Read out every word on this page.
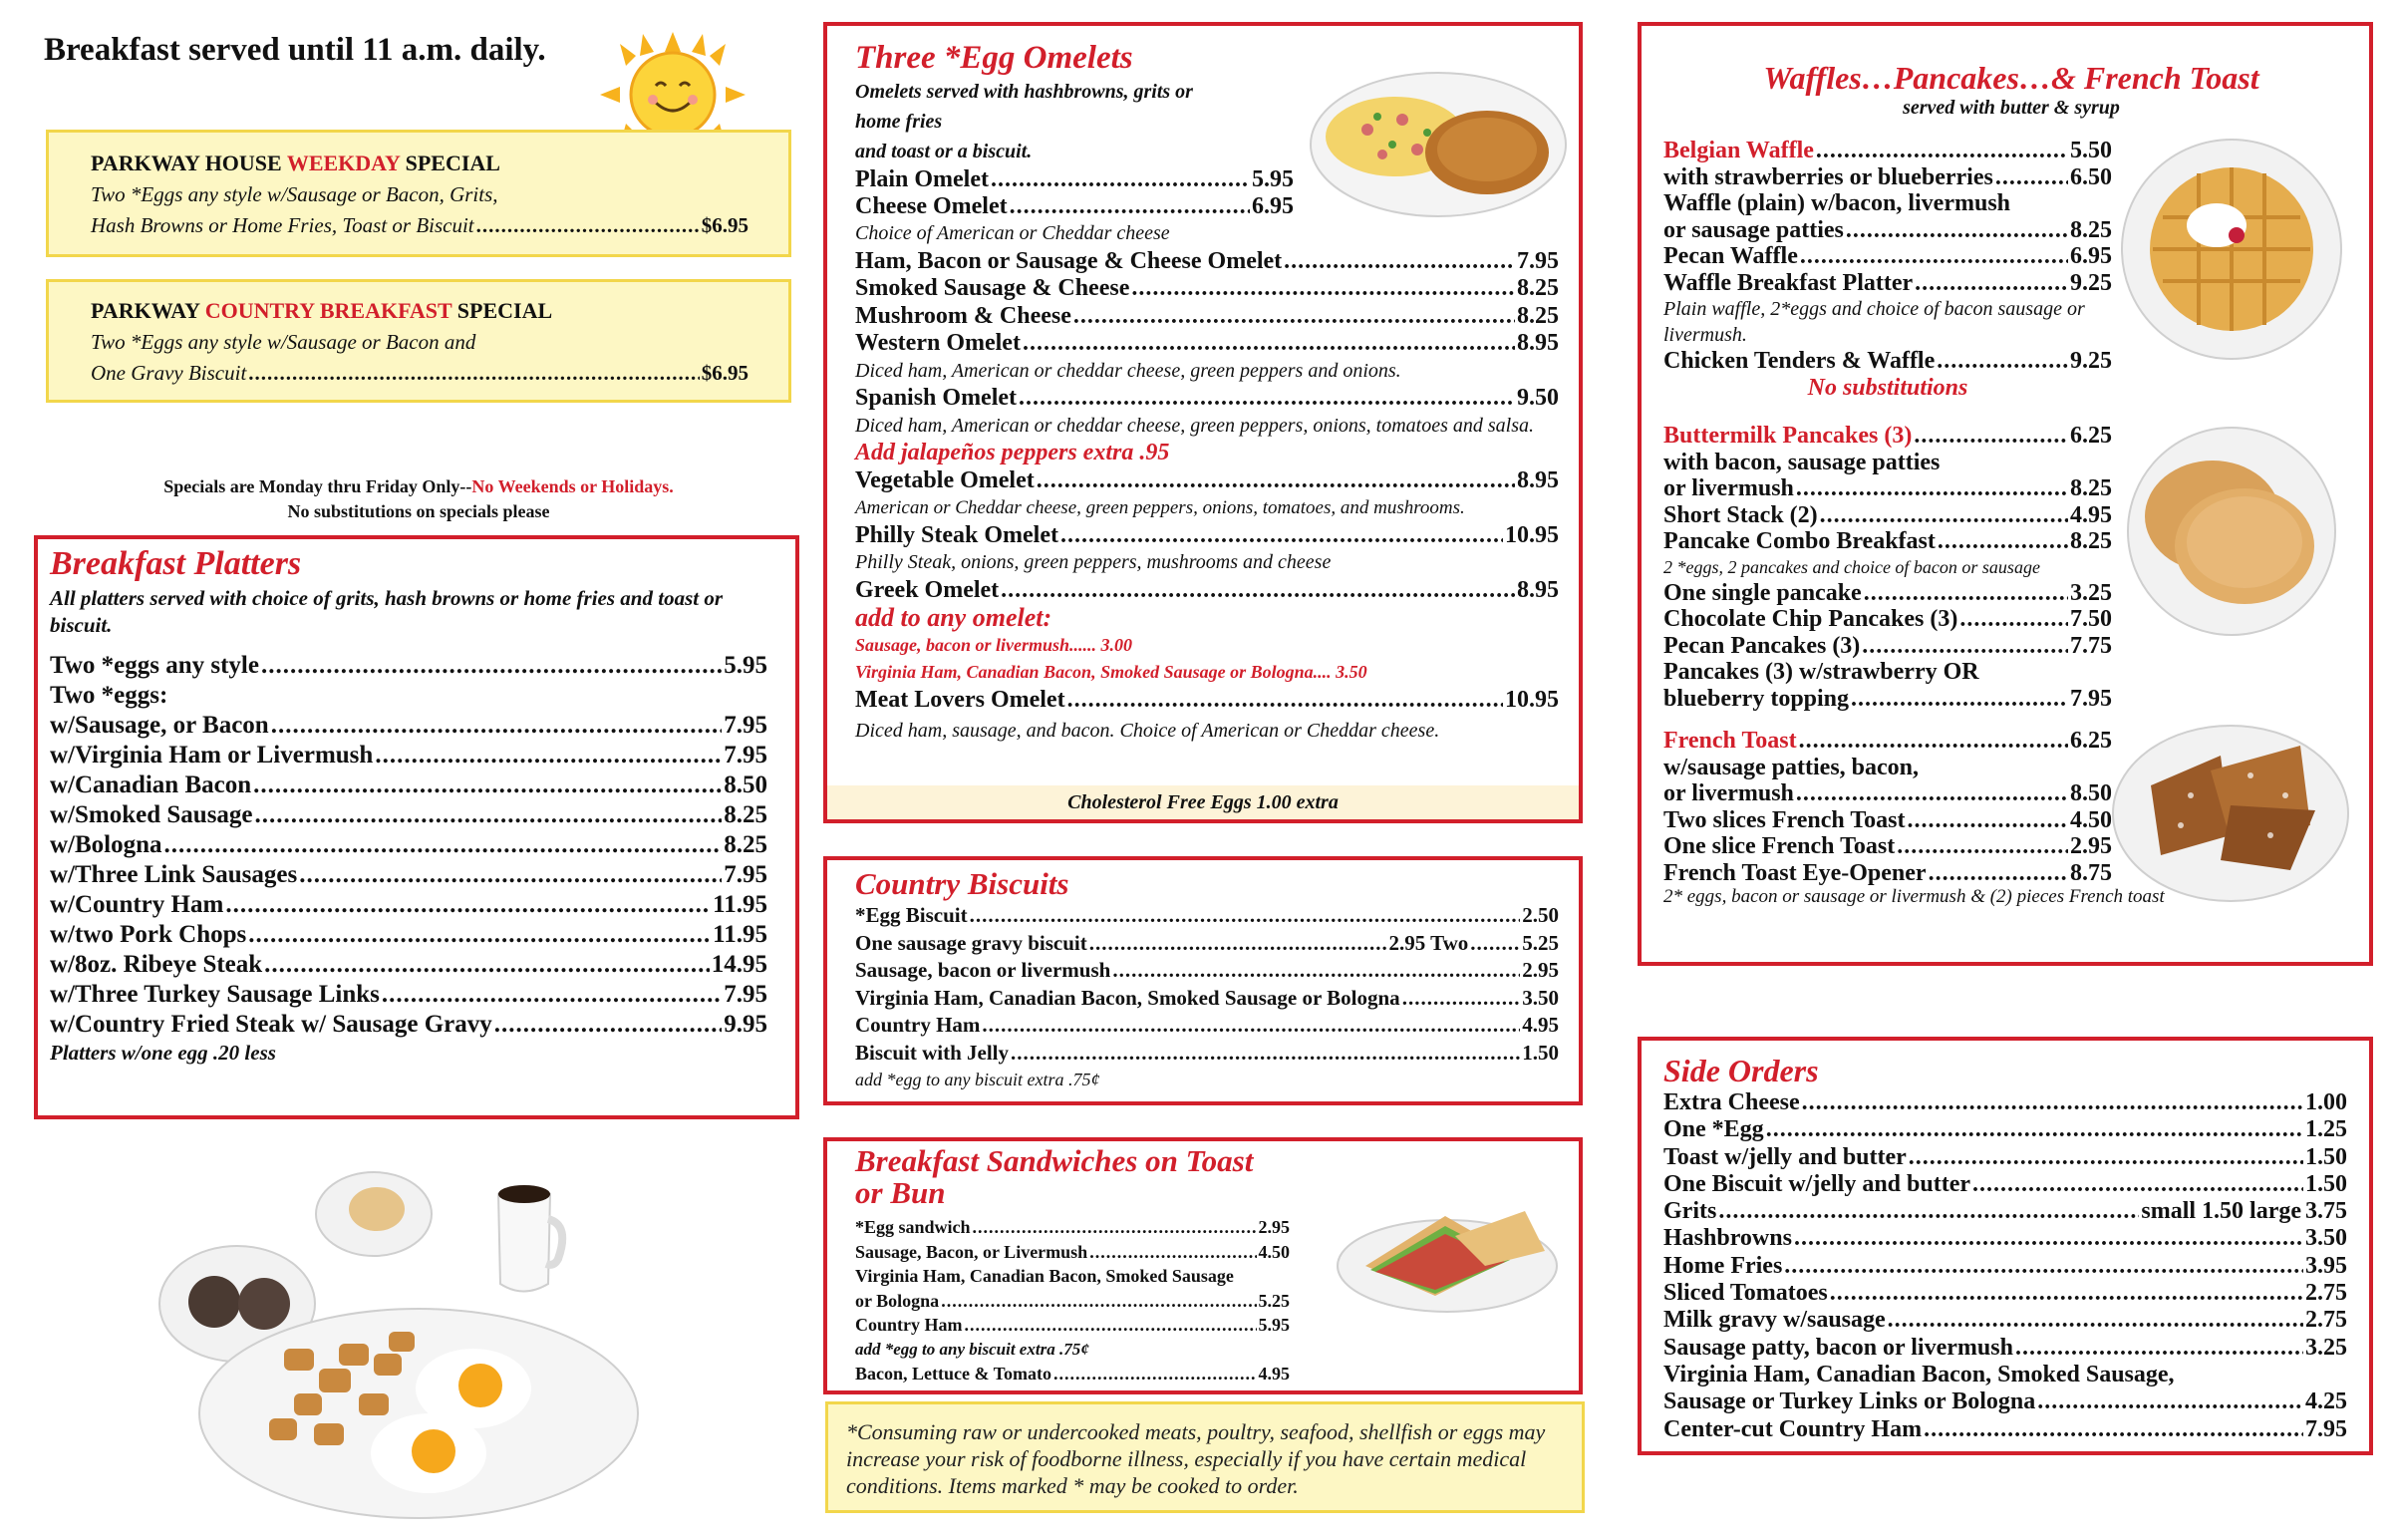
Breakfast served until 11 a.m. daily.
PARKWAY HOUSE WEEKDAY SPECIAL
Two *Eggs any style w/Sausage or Bacon, Grits,
Hash Browns or Home Fries, Toast or Biscuit .....	$6.95
PARKWAY COUNTRY BREAKFAST SPECIAL
Two *Eggs any style w/Sausage or Bacon and
One Gravy Biscuit .....	$6.95
Specials are Monday thru Friday Only--No Weekends or Holidays.
No substitutions on specials please
Breakfast Platters
All platters served with choice of grits, hash browns or home fries and toast or biscuit.
Two *eggs any style .....	5.95
Two *eggs:
w/Sausage, or Bacon .....	7.95
w/Virginia Ham or Livermush .....	7.95
w/Canadian Bacon .....	8.50
w/Smoked Sausage .....	8.25
w/Bologna .....	8.25
w/Three Link Sausages .....	7.95
w/Country Ham .....	11.95
w/two Pork Chops .....	11.95
w/8oz. Ribeye Steak .....	14.95
w/Three Turkey Sausage Links .....	7.95
w/Country Fried Steak w/ Sausage Gravy .....	9.95
Platters w/one egg .20 less
Three *Egg Omelets
Omelets served with hashbrowns, grits or
home fries
and toast or a biscuit.
Plain Omelet .....	5.95
Cheese Omelet .....	6.95
Choice of American or Cheddar cheese
Ham, Bacon or Sausage & Cheese Omelet .....	7.95
Smoked Sausage & Cheese .....	8.25
Mushroom & Cheese .....	8.25
Western Omelet .....	8.95
Diced ham, American or cheddar cheese, green peppers and onions.
Spanish Omelet .....	9.50
Diced ham, American or cheddar cheese, green peppers, onions, tomatoes and salsa.
Add jalapeños peppers extra .95
Vegetable Omelet .....	8.95
American or Cheddar cheese, green peppers, onions, tomatoes, and mushrooms.
Philly Steak Omelet .....	10.95
Philly Steak, onions, green peppers, mushrooms and cheese
Greek Omelet .....	8.95
add to any omelet:
Sausage, bacon or livermush...... 3.00
Virginia Ham, Canadian Bacon, Smoked Sausage or Bologna.... 3.50
Meat Lovers Omelet .....	10.95
Diced ham, sausage, and bacon. Choice of American or Cheddar cheese.
Cholesterol Free Eggs 1.00 extra
Country Biscuits
*Egg Biscuit .....	2.50
One sausage gravy biscuit .....	2.95 Two .....	5.25
Sausage, bacon or livermush .....	2.95
Virginia Ham, Canadian Bacon, Smoked Sausage or Bologna .....	3.50
Country Ham .....	4.95
Biscuit with Jelly .....	1.50
add *egg to any biscuit extra .75¢
Breakfast Sandwiches on Toast
or Bun
*Egg sandwich .....	2.95
Sausage, Bacon, or Livermush .....	4.50
Virginia Ham, Canadian Bacon, Smoked Sausage
or Bologna .....	5.25
Country Ham .....	5.95
add *egg to any biscuit extra .75¢
Bacon, Lettuce & Tomato .....	4.95
*Consuming raw or undercooked meats, poultry, seafood, shellfish or eggs may increase your risk of foodborne illness, especially if you have certain medical conditions. Items marked * may be cooked to order.
Waffles…Pancakes…& French Toast
served with butter & syrup
Belgian Waffle .....	5.50
with strawberries or blueberries .....	6.50
Waffle (plain) w/bacon, livermush
or sausage patties .....	8.25
Pecan Waffle .....	6.95
Waffle Breakfast Platter .....	9.25
Plain waffle, 2*eggs and choice of bacon sausage or livermush.
Chicken Tenders & Waffle .....	9.25
No substitutions
Buttermilk Pancakes (3) .....	6.25
with bacon, sausage patties
or livermush .....	8.25
Short Stack (2) .....	4.95
Pancake Combo Breakfast .....	8.25
2 *eggs, 2 pancakes and choice of bacon or sausage
One single pancake .....	3.25
Chocolate Chip Pancakes (3) .....	7.50
Pecan Pancakes (3) .....	7.75
Pancakes (3) w/strawberry OR
blueberry topping .....	7.95
French Toast .....	6.25
w/sausage patties, bacon,
or livermush .....	8.50
Two slices French Toast .....	4.50
One slice French Toast .....	2.95
French Toast Eye-Opener .....	8.75
2* eggs, bacon or sausage or livermush & (2) pieces French toast
Side Orders
Extra Cheese .....	1.00
One *Egg .....	1.25
Toast w/jelly and butter .....	1.50
One Biscuit w/jelly and butter .....	1.50
Grits .....	small 1.50 large 3.75
Hashbrowns .....	3.50
Home Fries .....	3.95
Sliced Tomatoes .....	2.75
Milk gravy w/sausage .....	2.75
Sausage patty, bacon or livermush .....	3.25
Virginia Ham, Canadian Bacon, Smoked Sausage,
Sausage or Turkey Links or Bologna .....	4.25
Center-cut Country Ham .....	7.95
